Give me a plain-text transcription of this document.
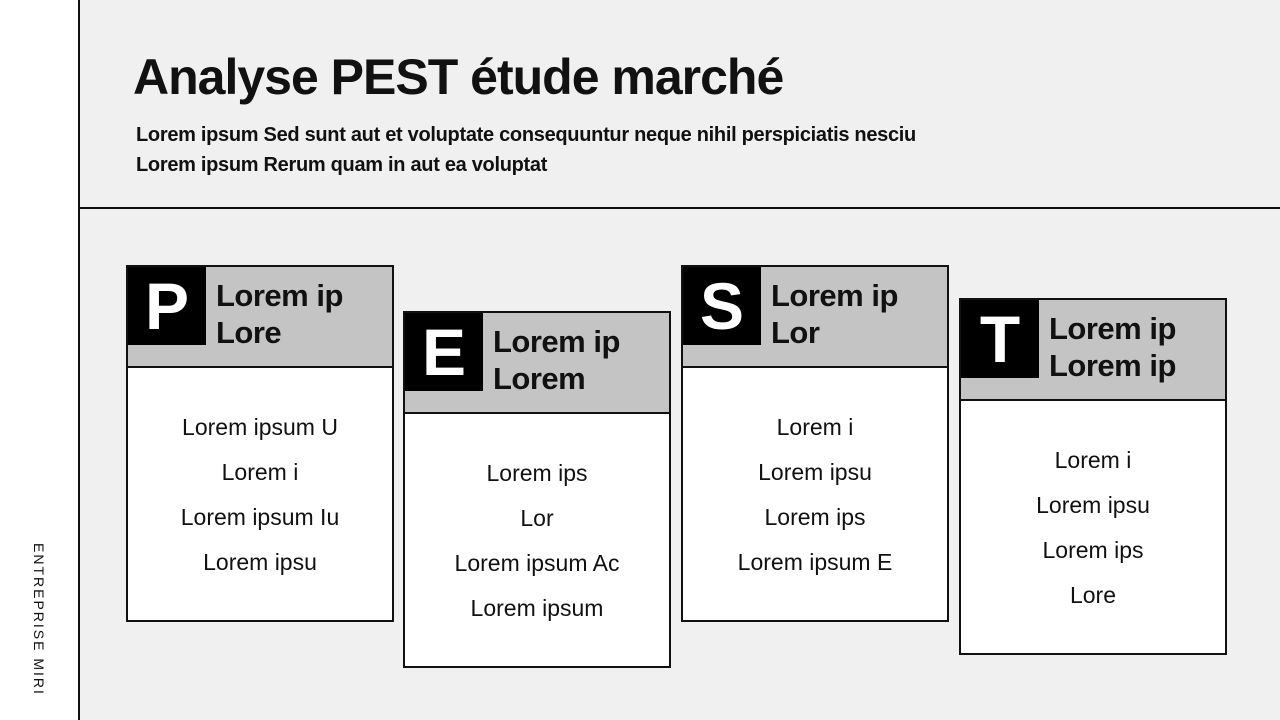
ENTREPRISE MIRI
Analyse PEST étude marché

Lorem ipsum Sed sunt aut et voluptate consequuntur neque nihil perspiciatis nesciu

Lorem ipsum Rerum quam in aut ea voluptat

P Lorem ip
Lore
Lorem ipsum U
Lorem i
Lorem ipsum Iu
Lorem ipsu
E Lorem ip
Lorem
Lorem ips
Lor
Lorem ipsum Ac
Lorem ipsum
S Lorem ip
Lor
Lorem i
Lorem ipsu
Lorem ips
Lorem ipsum E
T Lorem ip
Lorem ip
Lorem i
Lorem ipsu
Lorem ips
Lore
